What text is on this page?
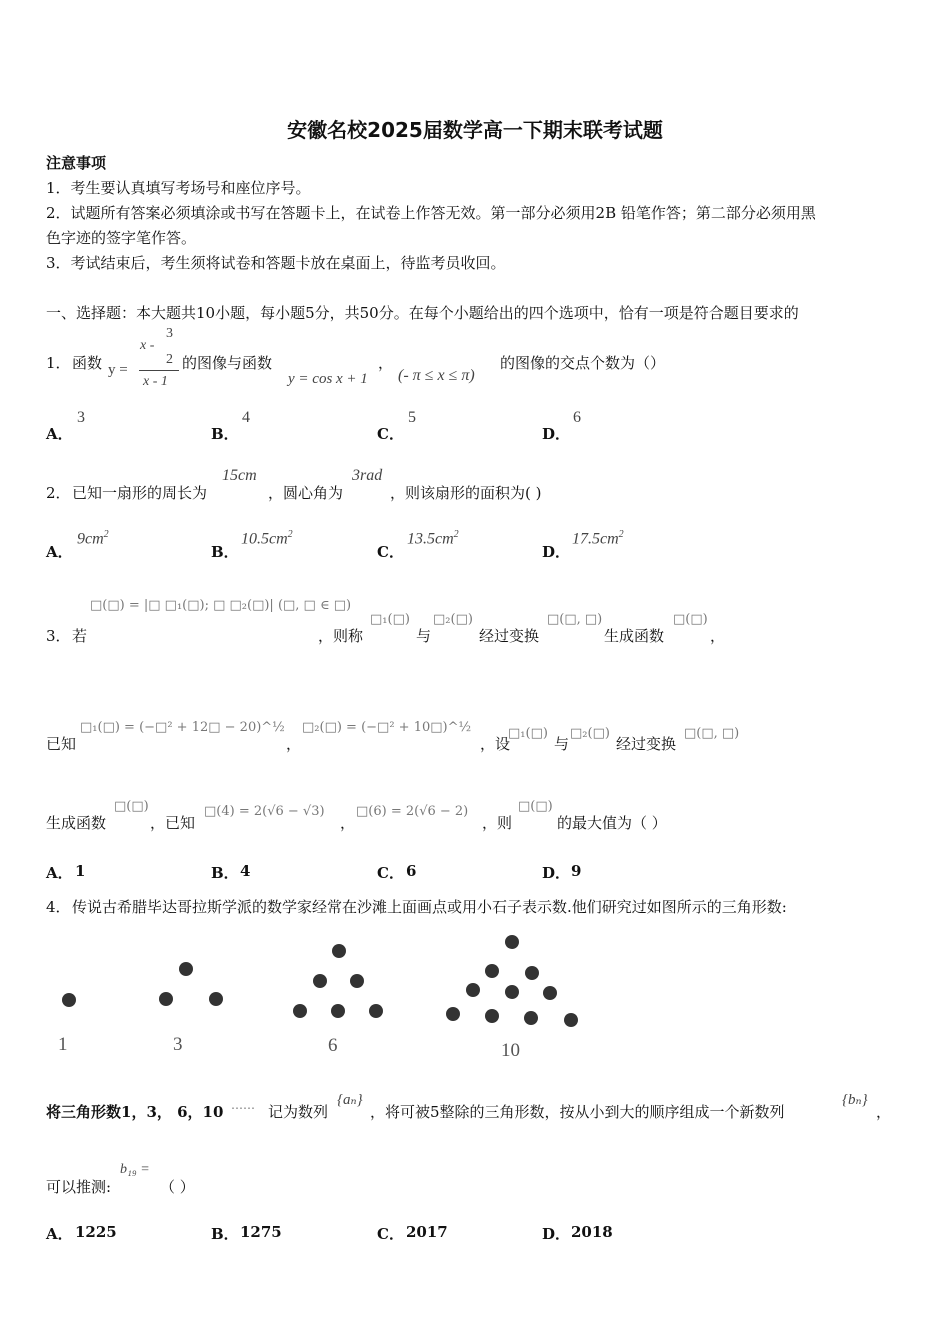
安徽名校2025届数学高一下期末联考试题
注意事项
1．考生要认真填写考场号和座位序号。
2．试题所有答案必须填涂或书写在答题卡上，在试卷上作答无效。第一部分必须用2B 铅笔作答；第二部分必须用黑
色字迹的签字笔作答。
3．考试结束后，考生须将试卷和答题卡放在桌面上，待监考员收回。
一、选择题：本大题共10小题，每小题5分，共50分。在每个小题给出的四个选项中，恰有一项是符合题目要求的
1． 函数 y =
x -
3
2
x - 1
的图像与函数
y = cos x + 1
，
(- π ≤ x ≤ π)
的图像的交点个数为（）
A．
3
B．
4
C．
5
D．
6
2． 已知一扇形的周长为
15cm
，圆心角为
3rad
，则该扇形的面积为( )
A．
$9cm^2$
B．
$10.5cm^2$
C．
$13.5cm^2$
D．
$17.5cm^2$
□(□) = |□ □₁(□); □ □₂(□)| (□, □ ∈ □)
3． 若	，则称
□₁(□)
与
□₂(□)
经过变换
□(□, □)
生成函数
□(□)
，
已知
□₁(□) = (−□² + 12□ − 20)^½
，
□₂(□) = (−□² + 10□)^½
，设
□₁(□)
与
□₂(□)
经过变换
□(□, □)
生成函数
□(□)
，已知
□(4) = 2(√6 − √3)
，
□(6) = 2(√6 − 2)
，则
□(□)
的最大值为（ ）
A． 1	B． 4	C． 6	D． 9
4． 传说古希腊毕达哥拉斯学派的数学家经常在沙滩上面画点或用小石子表示数.他们研究过如图所示的三角形数:
1	3	6	10
将三角形数1，3， 6，10 …… 记为数列
{aₙ}
，将可被5整除的三角形数，按从小到大的顺序组成一个新数列
{bₙ}
，
可以推测:
b₁₉ =
（ ）
A． 1225	B． 1275	C． 2017	D． 2018
